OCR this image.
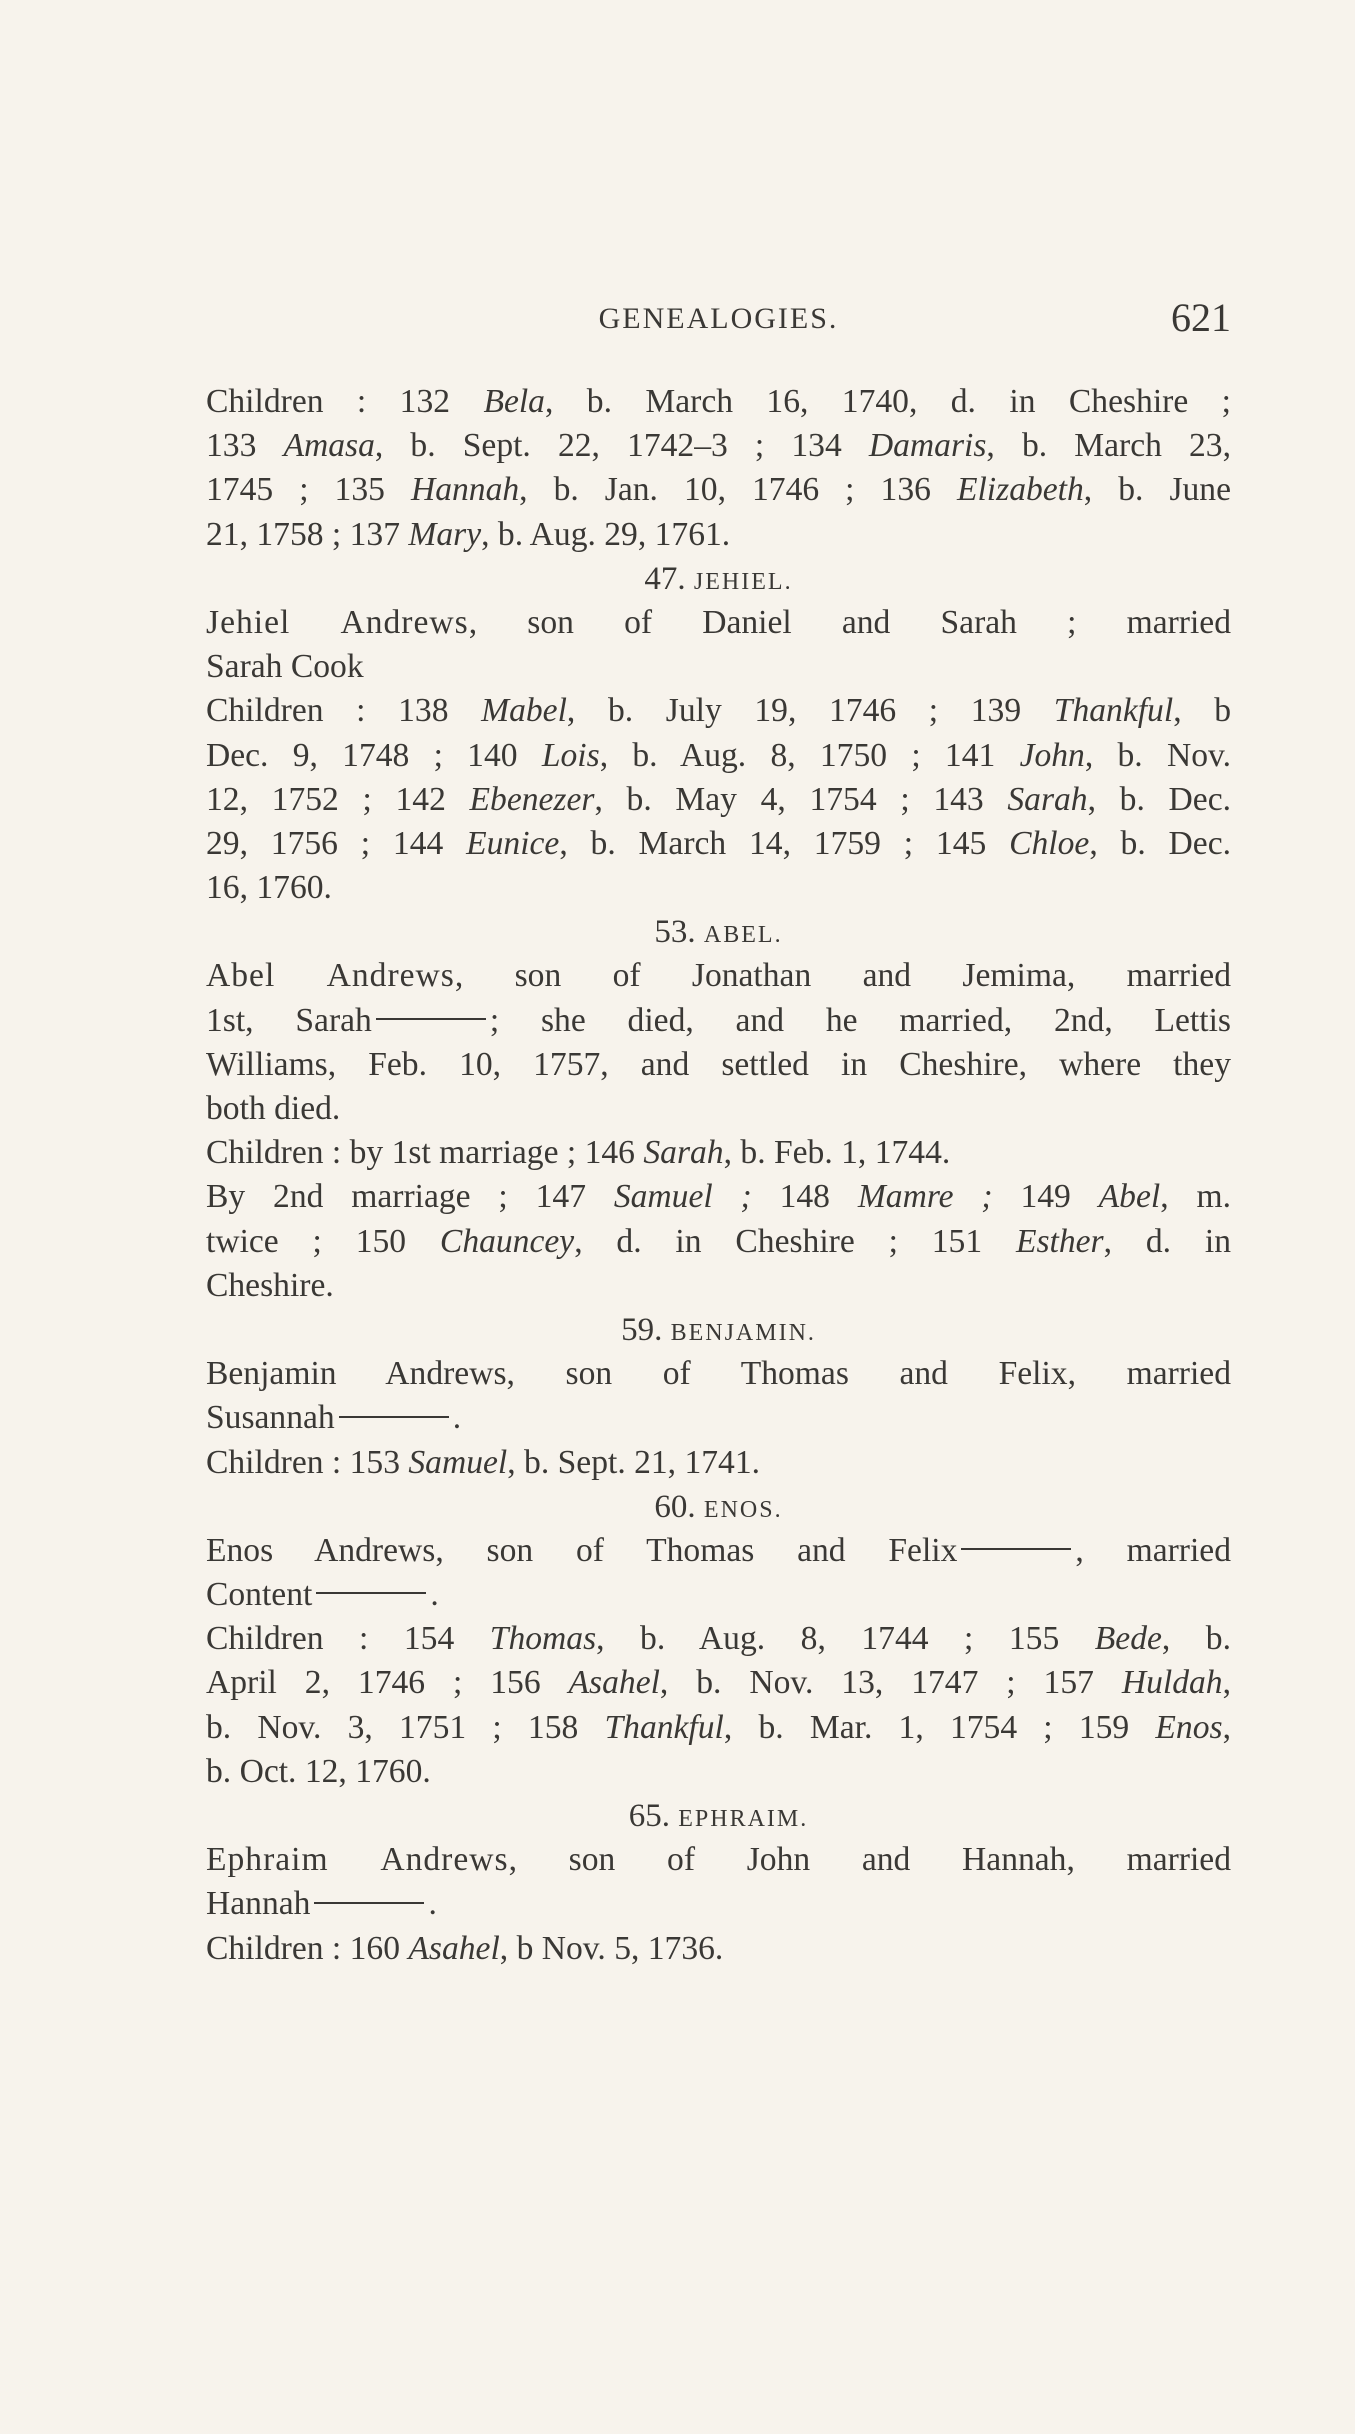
GENEALOGIES.	621
Children : 132 Bela, b. March 16, 1740, d. in Cheshire ;
133 Amasa, b. Sept. 22, 1742–3 ; 134 Damaris, b. March 23,
1745 ; 135 Hannah, b. Jan. 10, 1746 ; 136 Elizabeth, b. June
21, 1758 ; 137 Mary, b. Aug. 29, 1761.
47. JEHIEL.
Jehiel Andrews, son of Daniel and Sarah ; married
Sarah Cook
Children : 138 Mabel, b. July 19, 1746 ; 139 Thankful, b
Dec. 9, 1748 ; 140 Lois, b. Aug. 8, 1750 ; 141 John, b. Nov.
12, 1752 ; 142 Ebenezer, b. May 4, 1754 ; 143 Sarah, b. Dec.
29, 1756 ; 144 Eunice, b. March 14, 1759 ; 145 Chloe, b. Dec.
16, 1760.
53. ABEL.
Abel Andrews, son of Jonathan and Jemima, married
1st, Sarah	; she died, and he married, 2nd, Lettis
Williams, Feb. 10, 1757, and settled in Cheshire, where they
both died.
Children : by 1st marriage ; 146 Sarah, b. Feb. 1, 1744.
By 2nd marriage ; 147 Samuel ; 148 Mamre ; 149 Abel, m.
twice ; 150 Chauncey, d. in Cheshire ; 151 Esther, d. in
Cheshire.
59. BENJAMIN.
Benjamin Andrews, son of Thomas and Felix, married
Susannah	.
Children : 153 Samuel, b. Sept. 21, 1741.
60. ENOS.
Enos Andrews, son of Thomas and Felix	, married
Content	.
Children : 154 Thomas, b. Aug. 8, 1744 ; 155 Bede, b.
April 2, 1746 ; 156 Asahel, b. Nov. 13, 1747 ; 157 Huldah,
b. Nov. 3, 1751 ; 158 Thankful, b. Mar. 1, 1754 ; 159 Enos,
b. Oct. 12, 1760.
65. EPHRAIM.
Ephraim Andrews, son of John and Hannah, married
Hannah	.
Children : 160 Asahel, b Nov. 5, 1736.
